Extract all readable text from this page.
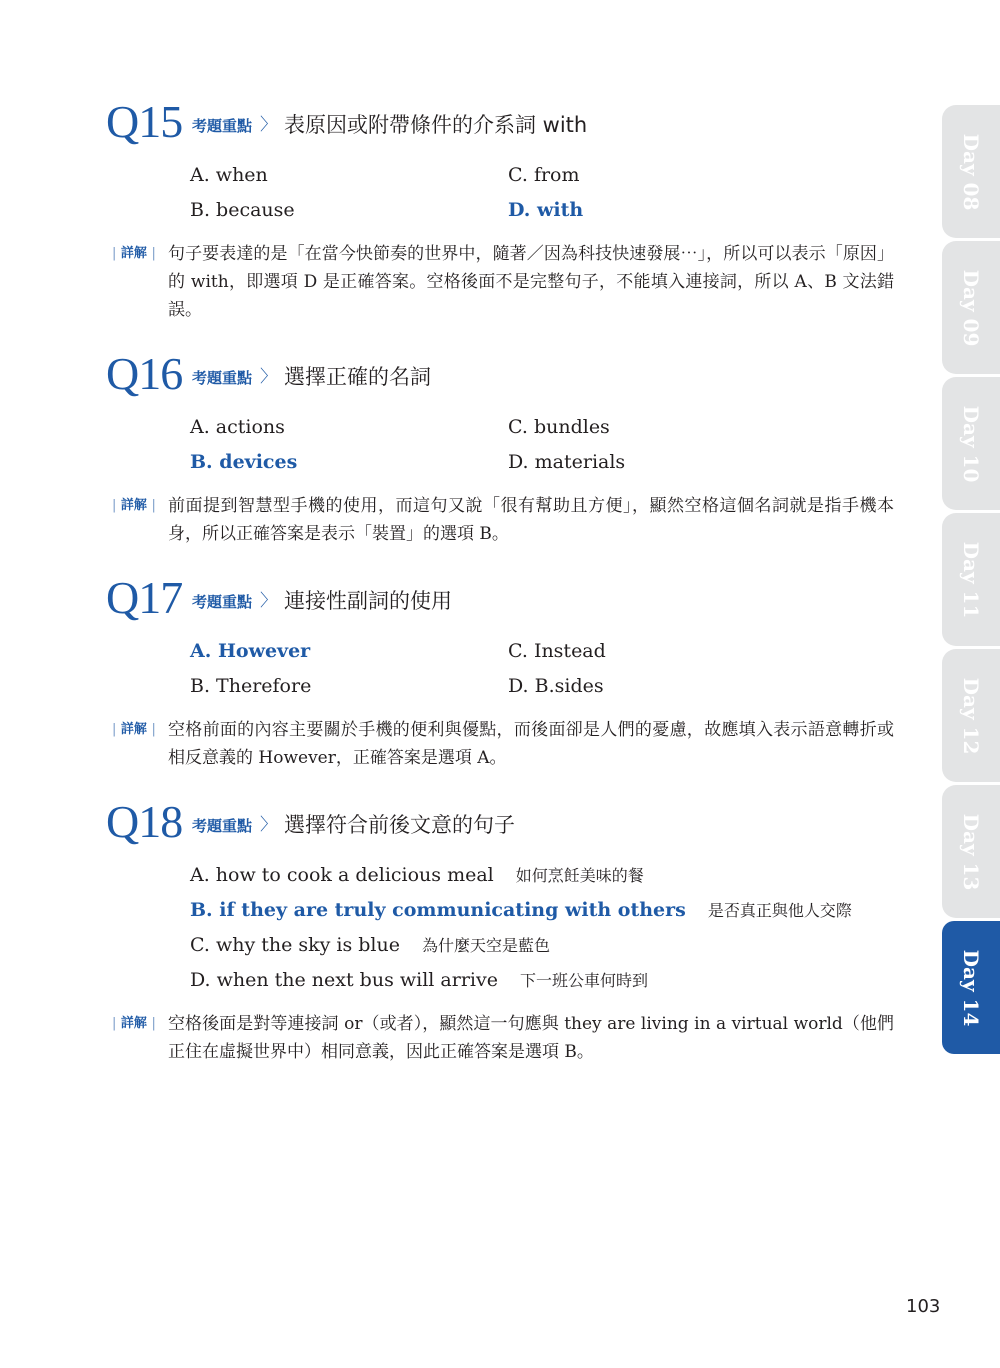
Q15 考題重點 〉 表原因或附帶條件的介系詞 with
A. when	C. from
B. because	D. with
| 詳解 | 句子要表達的是「在當今快節奏的世界中，隨著／因為科技快速發展⋯」，所以可以表示「原因」的 with，即選項 D 是正確答案。空格後面不是完整句子，不能填入連接詞，所以 A、B 文法錯誤。
Q16 考題重點 〉 選擇正確的名詞
A. actions	C. bundles
B. devices	D. materials
| 詳解 | 前面提到智慧型手機的使用，而這句又說「很有幫助且方便」，顯然空格這個名詞就是指手機本身，所以正確答案是表示「裝置」的選項 B。
Q17 考題重點 〉 連接性副詞的使用
A. However	C. Instead
B. Therefore	D. B.sides
| 詳解 | 空格前面的內容主要關於手機的便利與優點，而後面卻是人們的憂慮，故應填入表示語意轉折或相反意義的 However，正確答案是選項 A。
Q18 考題重點 〉 選擇符合前後文意的句子
A. how to cook a delicious meal 如何烹飪美味的餐
B. if they are truly communicating with others 是否真正與他人交際
C. why the sky is blue 為什麼天空是藍色
D. when the next bus will arrive 下一班公車何時到
| 詳解 | 空格後面是對等連接詞 or（或者），顯然這一句應與 they are living in a virtual world（他們正住在虛擬世界中）相同意義，因此正確答案是選項 B。
Day 08
Day 09
Day 10
Day 11
Day 12
Day 13
Day 14
103
